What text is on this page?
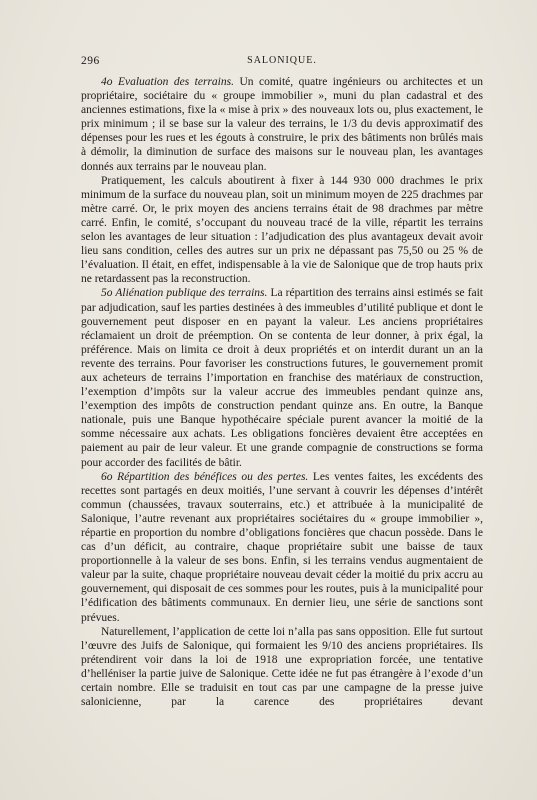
296	SALONIQUE.

4o Evaluation des terrains. Un comité, quatre ingénieurs ou architectes et un propriétaire, sociétaire du « groupe immobilier », muni du plan cadastral et des anciennes estimations, fixe la « mise à prix » des nouveaux lots ou, plus exactement, le prix minimum ; il se base sur la valeur des terrains, le 1/3 du devis approximatif des dépenses pour les rues et les égouts à construire, le prix des bâtiments non brûlés mais à démolir, la diminution de surface des maisons sur le nouveau plan, les avantages donnés aux terrains par le nouveau plan.

Pratiquement, les calculs aboutirent à fixer à 144 930 000 drachmes le prix minimum de la surface du nouveau plan, soit un minimum moyen de 225 drachmes par mètre carré. Or, le prix moyen des anciens terrains était de 98 drachmes par mètre carré. Enfin, le comité, s’occupant du nouveau tracé de la ville, répartit les terrains selon les avantages de leur situation : l’adjudication des plus avantageux devait avoir lieu sans condition, celles des autres sur un prix ne dépassant pas 75,50 ou 25 % de l’évaluation. Il était, en effet, indispensable à la vie de Salonique que de trop hauts prix ne retardassent pas la reconstruction.

5o Aliénation publique des terrains. La répartition des terrains ainsi estimés se fait par adjudication, sauf les parties destinées à des immeubles d’utilité publique et dont le gouvernement peut disposer en en payant la valeur. Les anciens propriétaires réclamaient un droit de préemption. On se contenta de leur donner, à prix égal, la préférence. Mais on limita ce droit à deux propriétés et on interdit durant un an la revente des terrains. Pour favoriser les constructions futures, le gouvernement promit aux acheteurs de terrains l’importation en franchise des matériaux de construction, l’exemption d’impôts sur la valeur accrue des immeubles pendant quinze ans, l’exemption des impôts de construction pendant quinze ans. En outre, la Banque nationale, puis une Banque hypothécaire spéciale purent avancer la moitié de la somme nécessaire aux achats. Les obligations foncières devaient être acceptées en paiement au pair de leur valeur. Et une grande compagnie de constructions se forma pour accorder des facilités de bâtir.

6o Répartition des bénéfices ou des pertes. Les ventes faites, les excédents des recettes sont partagés en deux moitiés, l’une servant à couvrir les dépenses d’intérêt commun (chaussées, travaux souterrains, etc.) et attribuée à la municipalité de Salonique, l’autre revenant aux propriétaires sociétaires du « groupe immobilier », répartie en proportion du nombre d’obligations foncières que chacun possède. Dans le cas d’un déficit, au contraire, chaque propriétaire subit une baisse de taux proportionnelle à la valeur de ses bons. Enfin, si les terrains vendus augmentaient de valeur par la suite, chaque propriétaire nouveau devait céder la moitié du prix accru au gouvernement, qui disposait de ces sommes pour les routes, puis à la municipalité pour l’édification des bâtiments communaux. En dernier lieu, une série de sanctions sont prévues.

Naturellement, l’application de cette loi n’alla pas sans opposition. Elle fut surtout l’œuvre des Juifs de Salonique, qui formaient les 9/10 des anciens propriétaires. Ils prétendirent voir dans la loi de 1918 une expropriation forcée, une tentative d’helléniser la partie juive de Salonique. Cette idée ne fut pas étrangère à l’exode d’un certain nombre. Elle se traduisit en tout cas par une campagne de la presse juive salonicienne, par la carence des propriétaires devant
